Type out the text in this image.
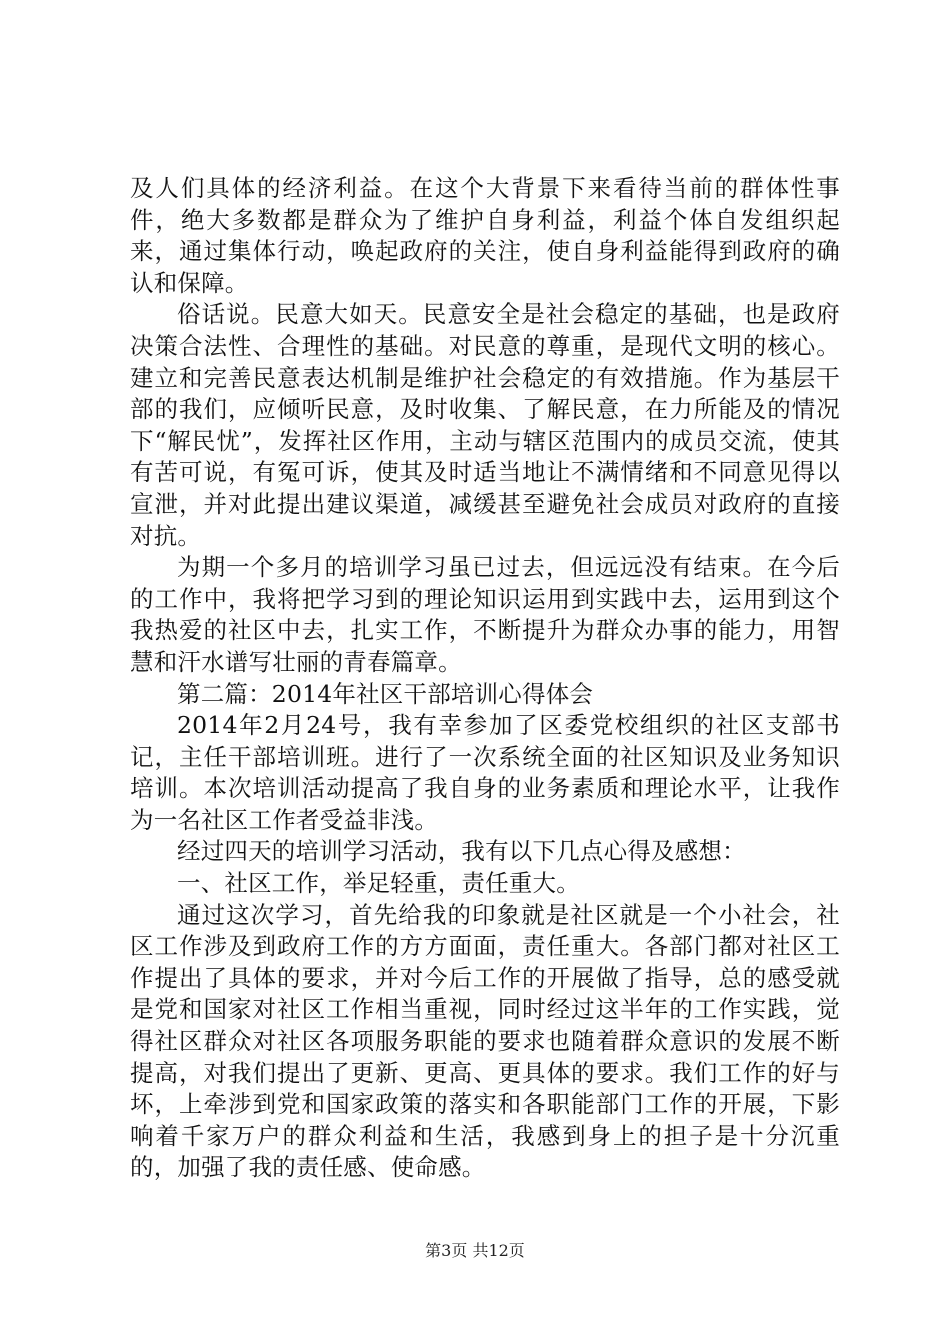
及人们具体的经济利益。在这个大背景下来看待当前的群体性事件，绝大多数都是群众为了维护自身利益，利益个体自发组织起来，通过集体行动，唤起政府的关注，使自身利益能得到政府的确认和保障。

俗话说。民意大如天。民意安全是社会稳定的基础，也是政府决策合法性、合理性的基础。对民意的尊重，是现代文明的核心。建立和完善民意表达机制是维护社会稳定的有效措施。作为基层干部的我们，应倾听民意，及时收集、了解民意，在力所能及的情况下“解民忧”，发挥社区作用，主动与辖区范围内的成员交流，使其有苦可说，有冤可诉，使其及时适当地让不满情绪和不同意见得以宣泄，并对此提出建议渠道，减缓甚至避免社会成员对政府的直接对抗。

为期一个多月的培训学习虽已过去，但远远没有结束。在今后的工作中，我将把学习到的理论知识运用到实践中去，运用到这个我热爱的社区中去，扎实工作，不断提升为群众办事的能力，用智慧和汗水谱写壮丽的青春篇章。

第二篇：2014年社区干部培训心得体会

2014年2月24号，我有幸参加了区委党校组织的社区支部书记，主任干部培训班。进行了一次系统全面的社区知识及业务知识培训。本次培训活动提高了我自身的业务素质和理论水平，让我作为一名社区工作者受益非浅。

经过四天的培训学习活动，我有以下几点心得及感想：

一、社区工作，举足轻重，责任重大。

通过这次学习，首先给我的印象就是社区就是一个小社会，社区工作涉及到政府工作的方方面面，责任重大。各部门都对社区工作提出了具体的要求，并对今后工作的开展做了指导，总的感受就是党和国家对社区工作相当重视，同时经过这半年的工作实践，觉得社区群众对社区各项服务职能的要求也随着群众意识的发展不断提高，对我们提出了更新、更高、更具体的要求。我们工作的好与坏，上牵涉到党和国家政策的落实和各职能部门工作的开展，下影响着千家万户的群众利益和生活，我感到身上的担子是十分沉重的，加强了我的责任感、使命感。

第3页 共12页
